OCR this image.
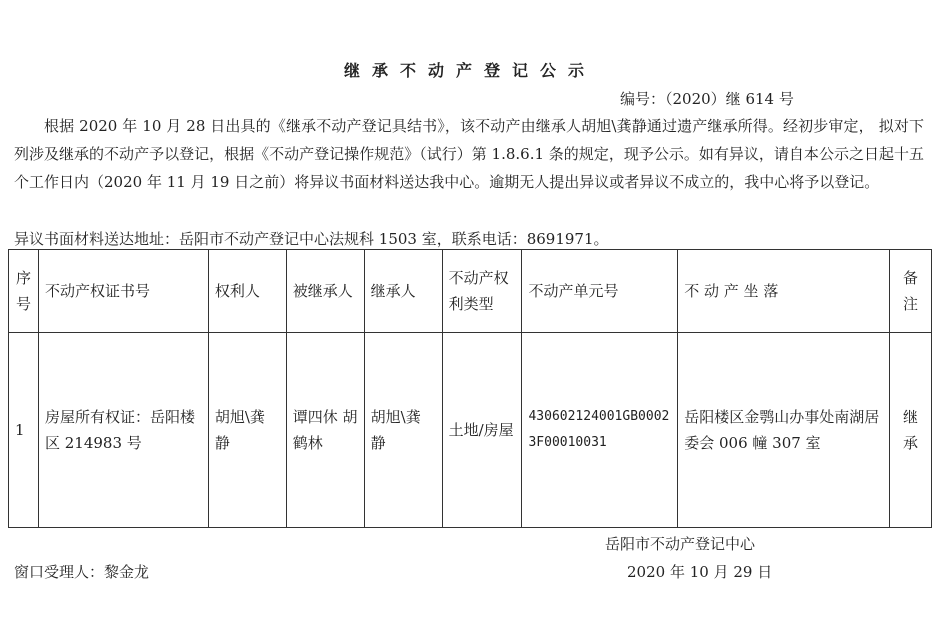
继承不动产登记公示
编号：（2020）继 614 号

根据 2020 年 10 月 28 日出具的《继承不动产登记具结书》，该不动产由继承人胡旭\龚静通过遗产继承所得。经初步审定， 拟对下列涉及继承的不动产予以登记，根据《不动产登记操作规范》（试行）第 1.8.6.1 条的规定，现予公示。如有异议，请自本公示之日起十五个工作日内（2020 年 11 月 19 日之前）将异议书面材料送达我中心。逾期无人提出异议或者异议不成立的，我中心将予以登记。

异议书面材料送达地址：岳阳市不动产登记中心法规科 1503 室，联系电话：8691971。

序号	不动产权证书号	权利人	被继承人	继承人	不动产权利类型	不动产单元号	不 动 产 坐 落	备注
1	房屋所有权证：岳阳楼区 214983 号	胡旭\龚静	谭四休 胡鹤林	胡旭\龚静	土地/房屋	430602124001GB00023F00010031	岳阳楼区金鹗山办事处南湖居委会 006 幢 307 室	继承
岳阳市不动产登记中心
窗口受理人：黎金龙	2020 年 10 月 29 日
